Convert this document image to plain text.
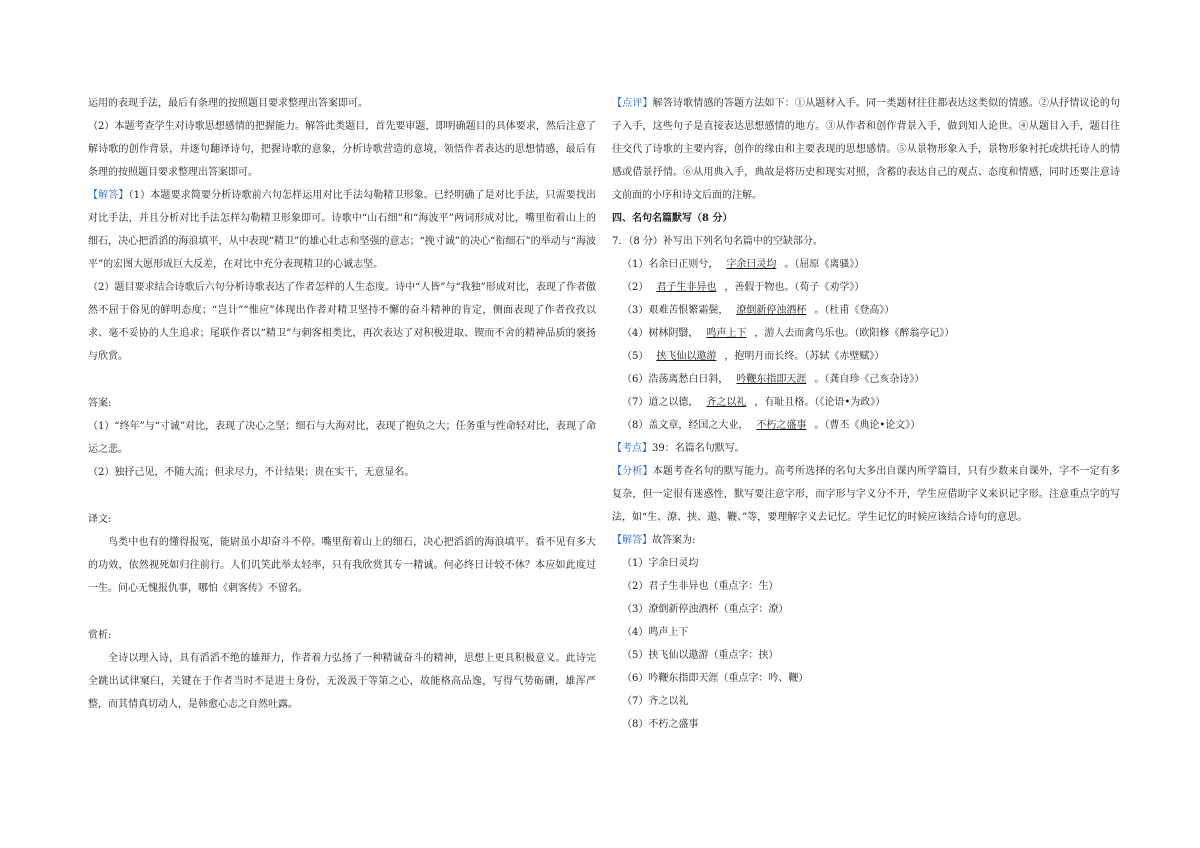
运用的表现手法，最后有条理的按照题目要求整理出答案即可。

（2）本题考查学生对诗歌思想感情的把握能力。解答此类题目，首先要审题，即明确题目的具体要求，然后注意了解诗歌的创作背景，并逐句翻译诗句，把握诗歌的意象，分析诗歌营造的意境，领悟作者表达的思想情感，最后有条理的按照题目要求整理出答案即可。

【解答】（1）本题要求简要分析诗歌前六句怎样运用对比手法勾勒精卫形象。已经明确了是对比手法，只需要找出对比手法，并且分析对比手法怎样勾勒精卫形象即可。诗歌中“山石细”和“海波平”两词形成对比，嘴里衔着山上的细石，决心把滔滔的海浪填平，从中表现“精卫”的雄心壮志和坚强的意志；“挽寸诚”的决心“衔细石”的举动与“海波平”的宏图大愿形成巨大反差，在对比中充分表现精卫的心诚志坚。

（2）题目要求结合诗歌后六句分析诗歌表达了作者怎样的人生态度。诗中“人皆”与“我独”形成对比，表现了作者傲然不屈于俗见的鲜明态度；“岂计”“惟应”体现出作者对精卫坚持不懈的奋斗精神的肯定，侧面表现了作者孜孜以求、毫不妥协的人生追求；尾联作者以“精卫”与刺客相类比，再次表达了对积极进取、锲而不舍的精神品质的褒扬与欣赏。

答案:

（1）“终年”与“寸诚”对比，表现了决心之坚；细石与大海对比，表现了抱负之大；任务重与性命轻对比，表现了命运之悲。

（2）独抒己见，不随大流；但求尽力，不计结果；贵在实干，无意显名。

译文:

鸟类中也有的懂得报冤，能尉虽小却奋斗不停。嘴里衔着山上的细石，决心把滔滔的海浪填平。看不见有多大的功效，依然视死如归往前行。人们讥笑此举太轻率，只有我欣赏其专一精诚。何必终日计较不休？本应如此度过一生。问心无愧报仇事，哪怕《刺客传》不留名。

赏析:

全诗以理入诗，具有滔滔不绝的雄辩力，作者着力弘扬了一种精诚奋斗的精神，思想上更具积极意义。此诗完全跳出试律窠臼，关键在于作者当时不是进士身份，无汲汲于等第之心，故能格高品逸，写得气势砺硎，雄浑严整，而其情真切动人，是韩愈心志之自然吐露。

【点评】解答诗歌情感的答题方法如下：①从题材入手。同一类题材往往都表达这类似的情感。②从抒情议论的句子入手，这些句子是直接表达思想感情的地方。③从作者和创作背景入手，做到知人论世。④从题目入手，题目往往交代了诗歌的主要内容，创作的缘由和主要表现的思想感情。⑤从景物形象入手，景物形象衬托或烘托诗人的情感或借景抒情。⑥从用典入手，典故是将历史和现实对照，含蓄的表达自己的观点、态度和情感，同时还要注意诗文前面的小序和诗文后面的注解。

四、名句名篇默写（8 分）

7．（8 分）补写出下列名句名篇中的空缺部分。

（1）名余曰正则兮， 字余曰灵均 。（屈原《离骚》）

（2） 君子生非异也 ，善假于物也。（荀子《劝学》）

（3）艰难苦恨繁霜鬓， 潦倒新停浊酒杯 。（杜甫《登高》）

（4）树林阴翳， 鸣声上下 ，游人去而禽鸟乐也。（欧阳修《醉翁亭记》）

（5） 挟飞仙以遨游 ，抱明月而长终。（苏轼《赤壁赋》）

（6）浩荡离愁白日斜， 吟鞭东指即天涯 。（龚自珍《己亥杂诗》）

（7）道之以德， 齐之以礼 ，有耻且格。（《论语•为政》）

（8）盖文章，经国之大业， 不朽之盛事 。（曹丕《典论•论文》）

【考点】39：名篇名句默写。

【分析】本题考查名句的默写能力。高考所选择的名句大多出自课内所学篇目，只有少数来自课外，字不一定有多复杂，但一定很有迷惑性，默写要注意字形，而字形与字义分不开，学生应借助字义来识记字形。注意重点字的写法，如“生、潦、挟、遨、鞭、”等，要理解字义去记忆。学生记忆的时候应该结合诗句的意思。

【解答】故答案为:

（1）字余曰灵均

（2）君子生非异也（重点字：生）

（3）潦倒新停浊酒杯（重点字：潦）

（4）鸣声上下

（5）挟飞仙以遨游（重点字：挟）

（6）吟鞭东指即天涯（重点字：吟、鞭）

（7）齐之以礼

（8）不朽之盛事
